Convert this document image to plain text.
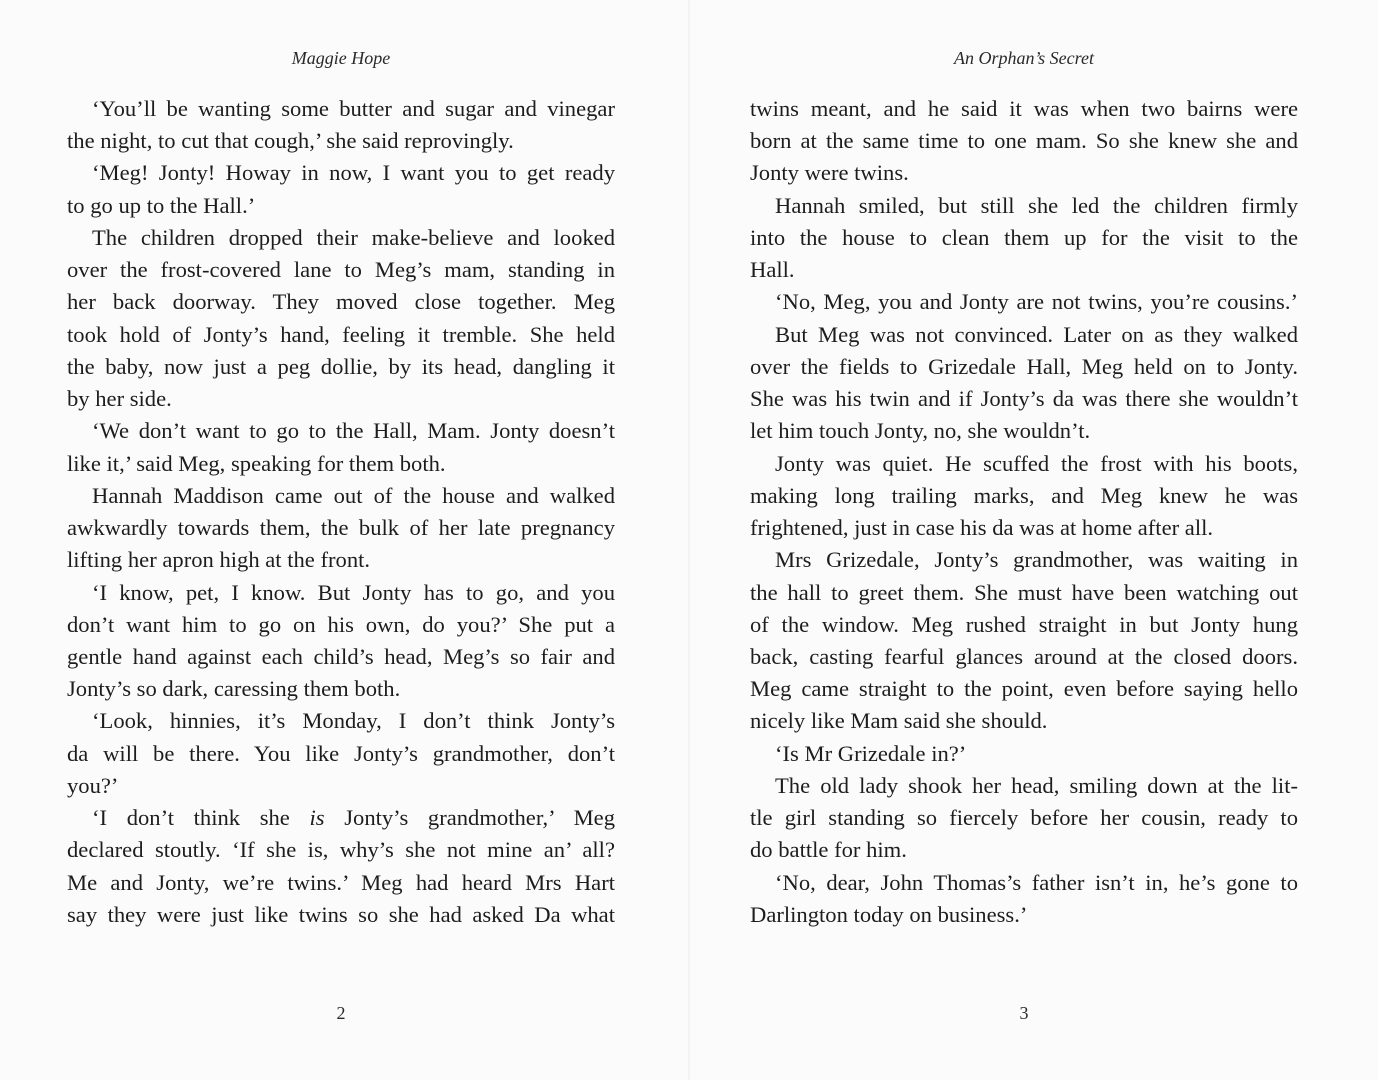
Maggie Hope
‘You’ll be wanting some butter and sugar and vinegar
the night, to cut that cough,’ she said reprovingly.
‘Meg! Jonty! Howay in now, I want you to get ready
to go up to the Hall.’
The children dropped their make-believe and looked
over the frost-covered lane to Meg’s mam, standing in
her back doorway. They moved close together. Meg
took hold of Jonty’s hand, feeling it tremble. She held
the baby, now just a peg dollie, by its head, dangling it
by her side.
‘We don’t want to go to the Hall, Mam. Jonty doesn’t
like it,’ said Meg, speaking for them both.
Hannah Maddison came out of the house and walked
awkwardly towards them, the bulk of her late pregnancy
lifting her apron high at the front.
‘I know, pet, I know. But Jonty has to go, and you
don’t want him to go on his own, do you?’ She put a
gentle hand against each child’s head, Meg’s so fair and
Jonty’s so dark, caressing them both.
‘Look, hinnies, it’s Monday, I don’t think Jonty’s
da will be there. You like Jonty’s grandmother, don’t
you?’
‘I don’t think she is Jonty’s grandmother,’ Meg
declared stoutly. ‘If she is, why’s she not mine an’ all?
Me and Jonty, we’re twins.’ Meg had heard Mrs Hart
say they were just like twins so she had asked Da what
2
An Orphan’s Secret
twins meant, and he said it was when two bairns were
born at the same time to one mam. So she knew she and
Jonty were twins.
Hannah smiled, but still she led the children firmly
into the house to clean them up for the visit to the
Hall.
‘No, Meg, you and Jonty are not twins, you’re cousins.’
But Meg was not convinced. Later on as they walked
over the fields to Grizedale Hall, Meg held on to Jonty.
She was his twin and if Jonty’s da was there she wouldn’t
let him touch Jonty, no, she wouldn’t.
Jonty was quiet. He scuffed the frost with his boots,
making long trailing marks, and Meg knew he was
frightened, just in case his da was at home after all.
Mrs Grizedale, Jonty’s grandmother, was waiting in
the hall to greet them. She must have been watching out
of the window. Meg rushed straight in but Jonty hung
back, casting fearful glances around at the closed doors.
Meg came straight to the point, even before saying hello
nicely like Mam said she should.
‘Is Mr Grizedale in?’
The old lady shook her head, smiling down at the lit-
tle girl standing so fiercely before her cousin, ready to
do battle for him.
‘No, dear, John Thomas’s father isn’t in, he’s gone to
Darlington today on business.’
3
